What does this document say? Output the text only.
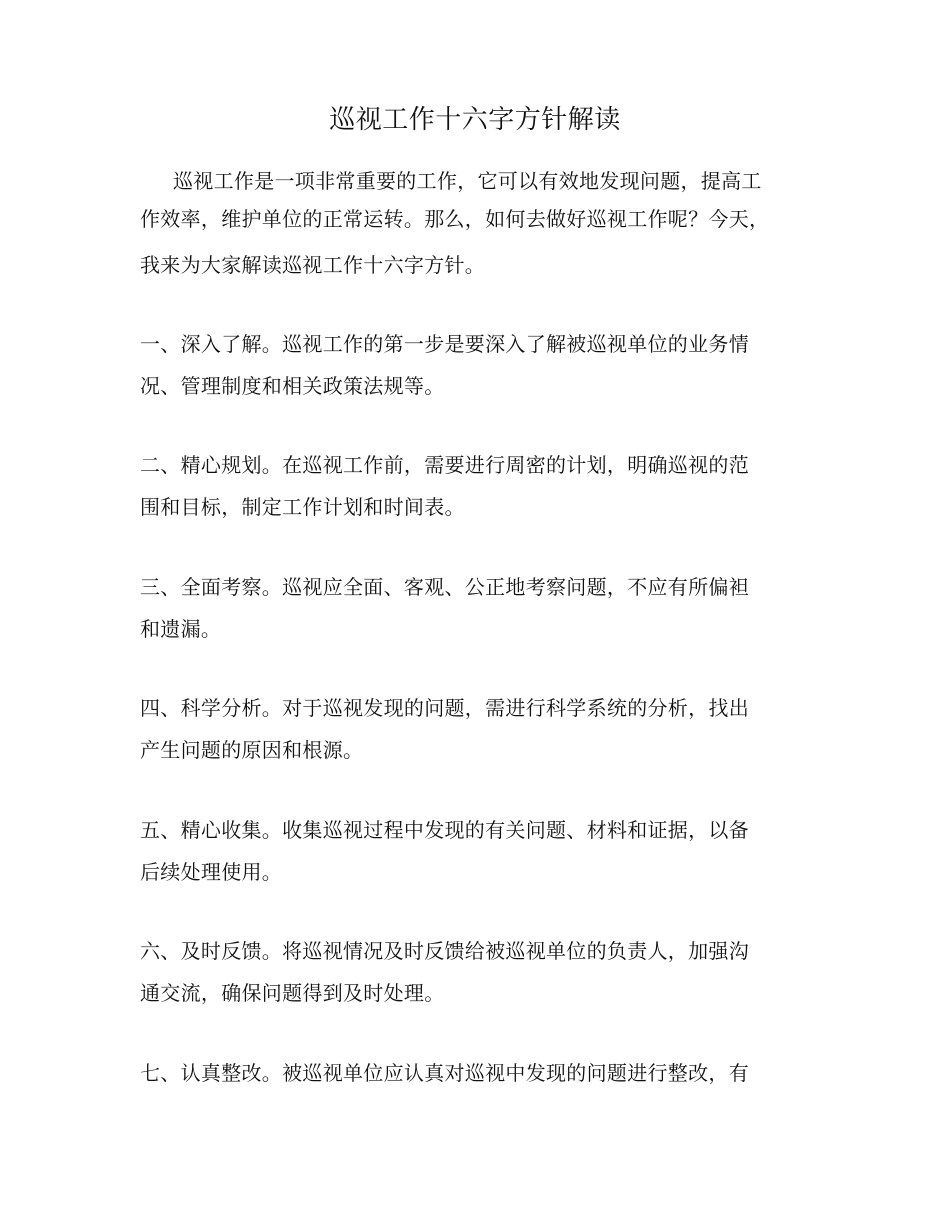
巡视工作十六字方针解读

巡视工作是一项非常重要的工作，它可以有效地发现问题，提高工

作效率，维护单位的正常运转。那么，如何去做好巡视工作呢？今天，

我来为大家解读巡视工作十六字方针。

一、深入了解。巡视工作的第一步是要深入了解被巡视单位的业务情

况、管理制度和相关政策法规等。

二、精心规划。在巡视工作前，需要进行周密的计划，明确巡视的范

围和目标，制定工作计划和时间表。

三、全面考察。巡视应全面、客观、公正地考察问题，不应有所偏袒

和遗漏。

四、科学分析。对于巡视发现的问题，需进行科学系统的分析，找出

产生问题的原因和根源。

五、精心收集。收集巡视过程中发现的有关问题、材料和证据，以备

后续处理使用。

六、及时反馈。将巡视情况及时反馈给被巡视单位的负责人，加强沟

通交流，确保问题得到及时处理。

七、认真整改。被巡视单位应认真对巡视中发现的问题进行整改，有
